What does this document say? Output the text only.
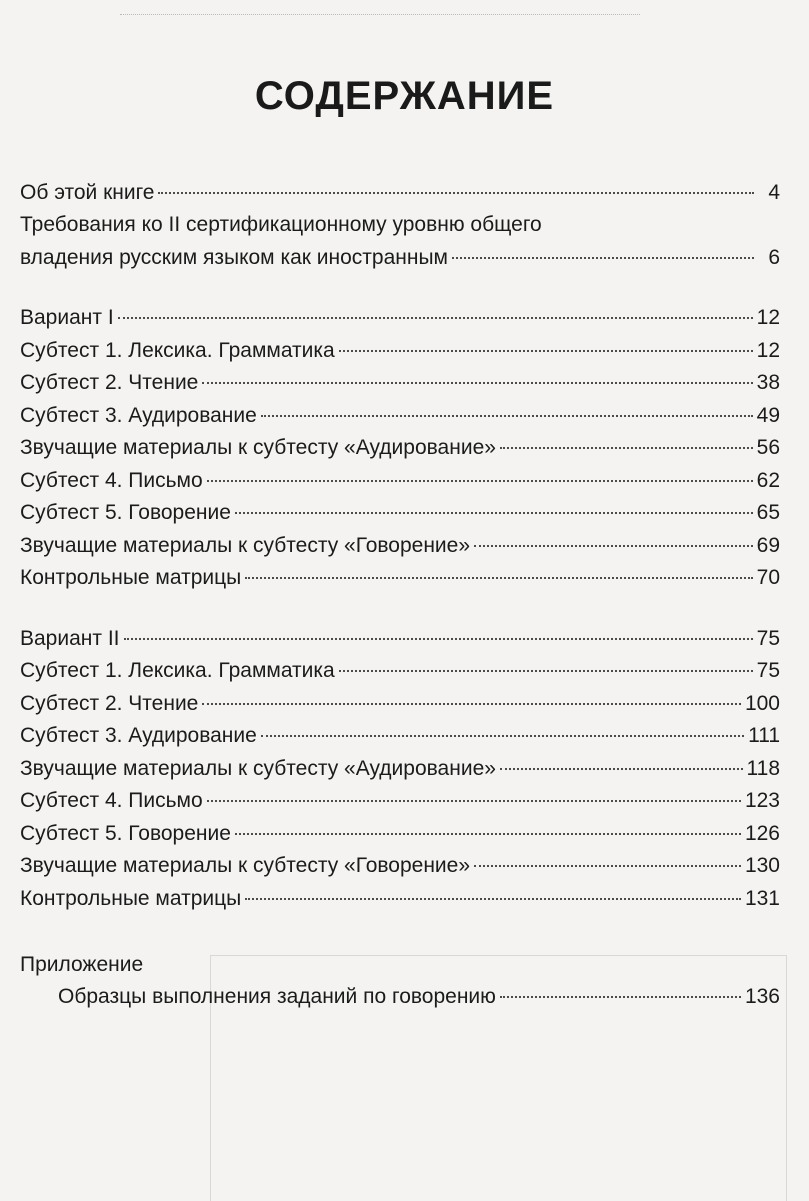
СОДЕРЖАНИЕ
Об этой книге	4
Требования ко II сертификационному уровню общего
владения русским языком как иностранным	6
Вариант I	12
Субтест 1. Лексика. Грамматика	12
Субтест 2. Чтение	38
Субтест 3. Аудирование	49
Звучащие материалы к субтесту «Аудирование»	56
Субтест 4. Письмо	62
Субтест 5. Говорение	65
Звучащие материалы к субтесту «Говорение»	69
Контрольные матрицы	70
Вариант II	75
Субтест 1. Лексика. Грамматика	75
Субтест 2. Чтение	100
Субтест 3. Аудирование	111
Звучащие материалы к субтесту «Аудирование»	118
Субтест 4. Письмо	123
Субтест 5. Говорение	126
Звучащие материалы к субтесту «Говорение»	130
Контрольные матрицы	131
Приложение
Образцы выполнения заданий по говорению	136
